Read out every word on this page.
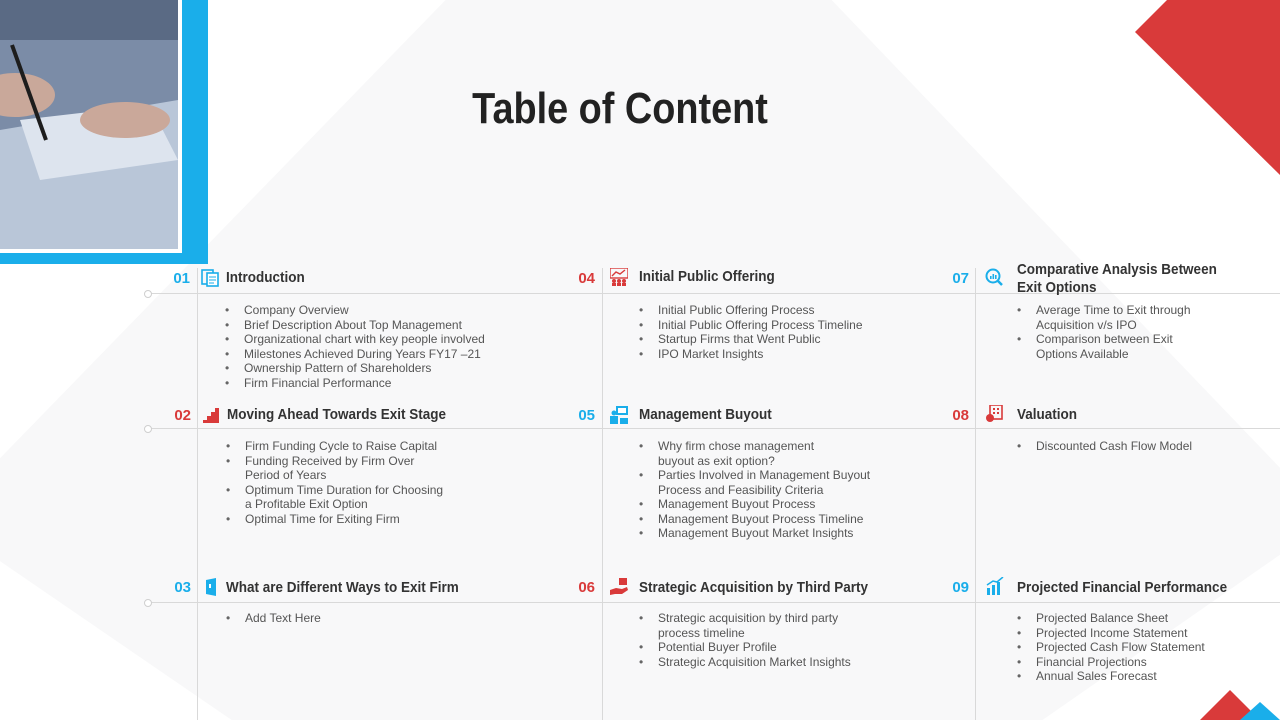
Table of Content
01 Introduction
• Company Overview
• Brief Description About Top Management
• Organizational chart with key people involved
• Milestones Achieved During Years FY17 –21
• Ownership Pattern of Shareholders
• Firm Financial Performance
02 Moving Ahead Towards Exit Stage
• Firm Funding Cycle to Raise Capital
• Funding Received by Firm Over Period of Years
• Optimum Time Duration for Choosing a Profitable Exit Option
• Optimal Time for Exiting Firm
03 What are Different Ways to Exit Firm
• Add Text Here
04	Initial Public Offering
• Initial Public Offering Process
• Initial Public Offering Process Timeline
• Startup Firms that Went Public
• IPO Market Insights
05	Management Buyout
• Why firm chose management buyout as exit option?
• Parties Involved in Management Buyout Process and Feasibility Criteria
• Management Buyout Process
• Management Buyout Process Timeline
• Management Buyout Market Insights
06	Strategic Acquisition by Third Party
• Strategic acquisition by third party process timeline
• Potential Buyer Profile
• Strategic Acquisition Market Insights
07
Comparative Analysis Between Exit Options
• Average Time to Exit through Acquisition v/s IPO
• Comparison between Exit Options Available
08	Valuation
• Discounted Cash Flow Model
09	Projected Financial Performance
• Projected Balance Sheet
• Projected Income Statement
• Projected Cash Flow Statement
• Financial Projections
• Annual Sales Forecast
